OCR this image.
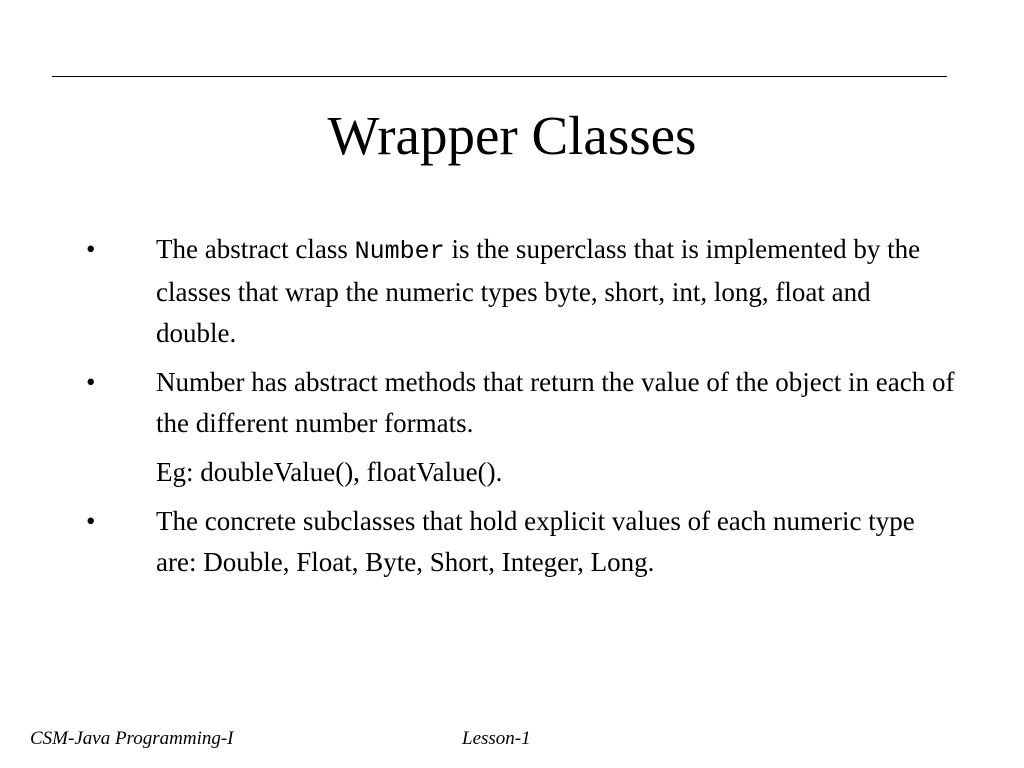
Wrapper Classes
• The abstract class Number is the superclass that is implemented by the classes that wrap the numeric types byte, short, int, long, float and double.
• Number has abstract methods that return the value of the object in each of the different number formats.
Eg: doubleValue(), floatValue().
• The concrete subclasses that hold explicit values of each numeric type are: Double, Float, Byte, Short, Integer, Long.
CSM-Java Programming-I	Lesson-1
